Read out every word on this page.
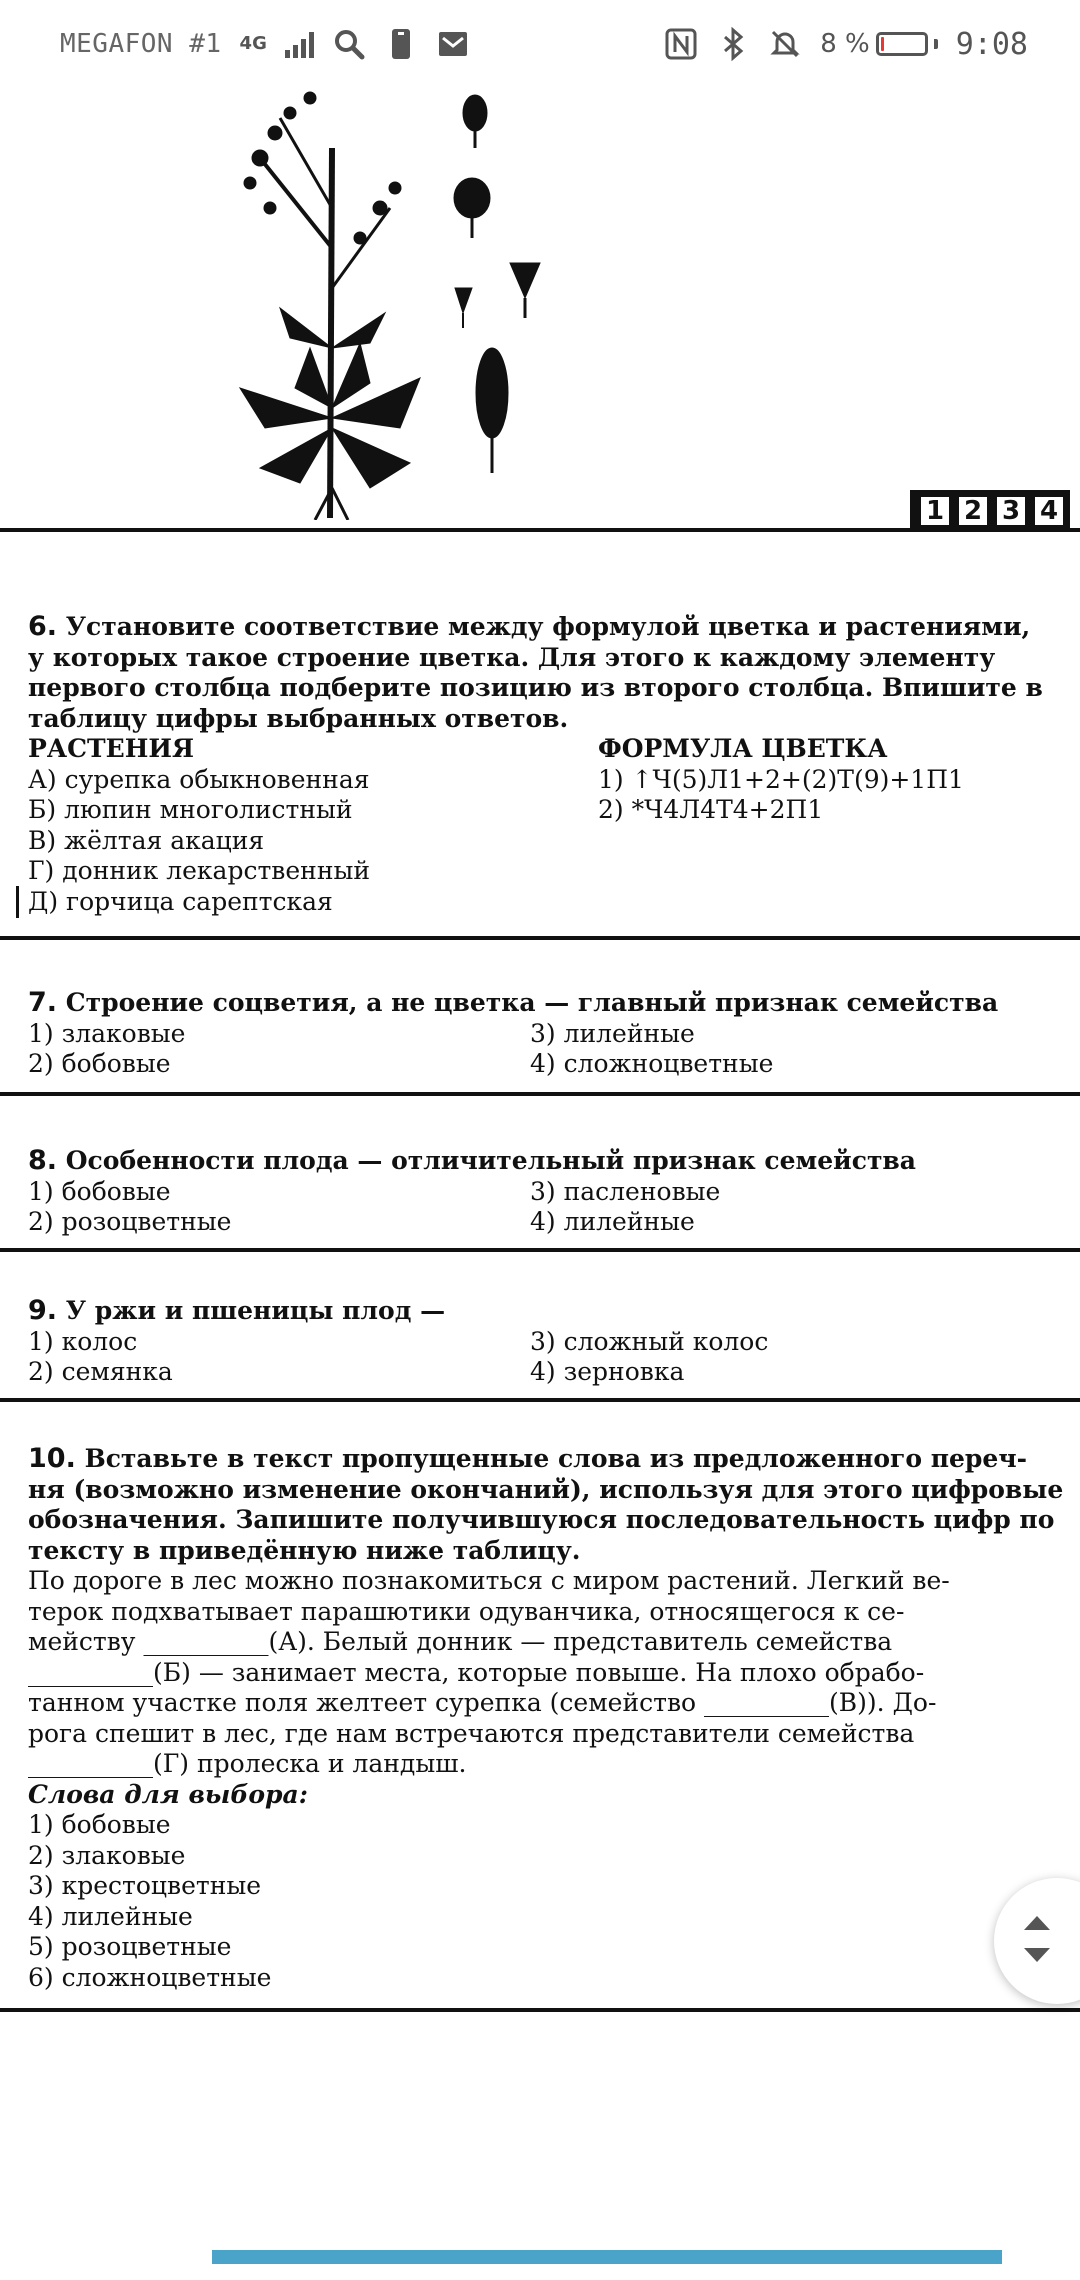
MEGAFON #1 4G	8 %	9:08
1 2 3 4
6. Установите соответствие между формулой цветка и растениями,
у которых такое строение цветка. Для этого к каждому элементу
первого столбца подберите позицию из второго столбца. Впишите в
таблицу цифры выбранных ответов.
РАСТЕНИЯ	ФОРМУЛА ЦВЕТКА
А) сурепка обыкновенная	1) ↑Ч(5)Л1+2+(2)Т(9)+1П1
Б) люпин многолистный	2) *Ч4Л4Т4+2П1
В) жёлтая акация
Г) донник лекарственный
Д) горчица сарептская
7. Строение соцветия, а не цветка — главный признак семейства
1) злаковые	3) лилейные
2) бобовые	4) сложноцветные
8. Особенности плода — отличительный признак семейства
1) бобовые	3) пасленовые
2) розоцветные	4) лилейные
9. У ржи и пшеницы плод —
1) колос	3) сложный колос
2) семянка	4) зерновка
10. Вставьте в текст пропущенные слова из предложенного переч-
ня (возможно изменение окончаний), используя для этого цифровые
обозначения. Запишите получившуюся последовательность цифр по
тексту в приведённую ниже таблицу.
По дороге в лес можно познакомиться с миром растений. Легкий ве-
терок подхватывает парашютики одуванчика, относящегося к се-
мейству __________(А). Белый донник — представитель семейства
__________(Б) — занимает места, которые повыше. На плохо обрабо-
танном участке поля желтеет сурепка (семейство __________(В)). До-
рога спешит в лес, где нам встречаются представители семейства
__________(Г) пролеска и ландыш.
Слова для выбора:
1) бобовые
2) злаковые
3) крестоцветные
4) лилейные
5) розоцветные
6) сложноцветные
